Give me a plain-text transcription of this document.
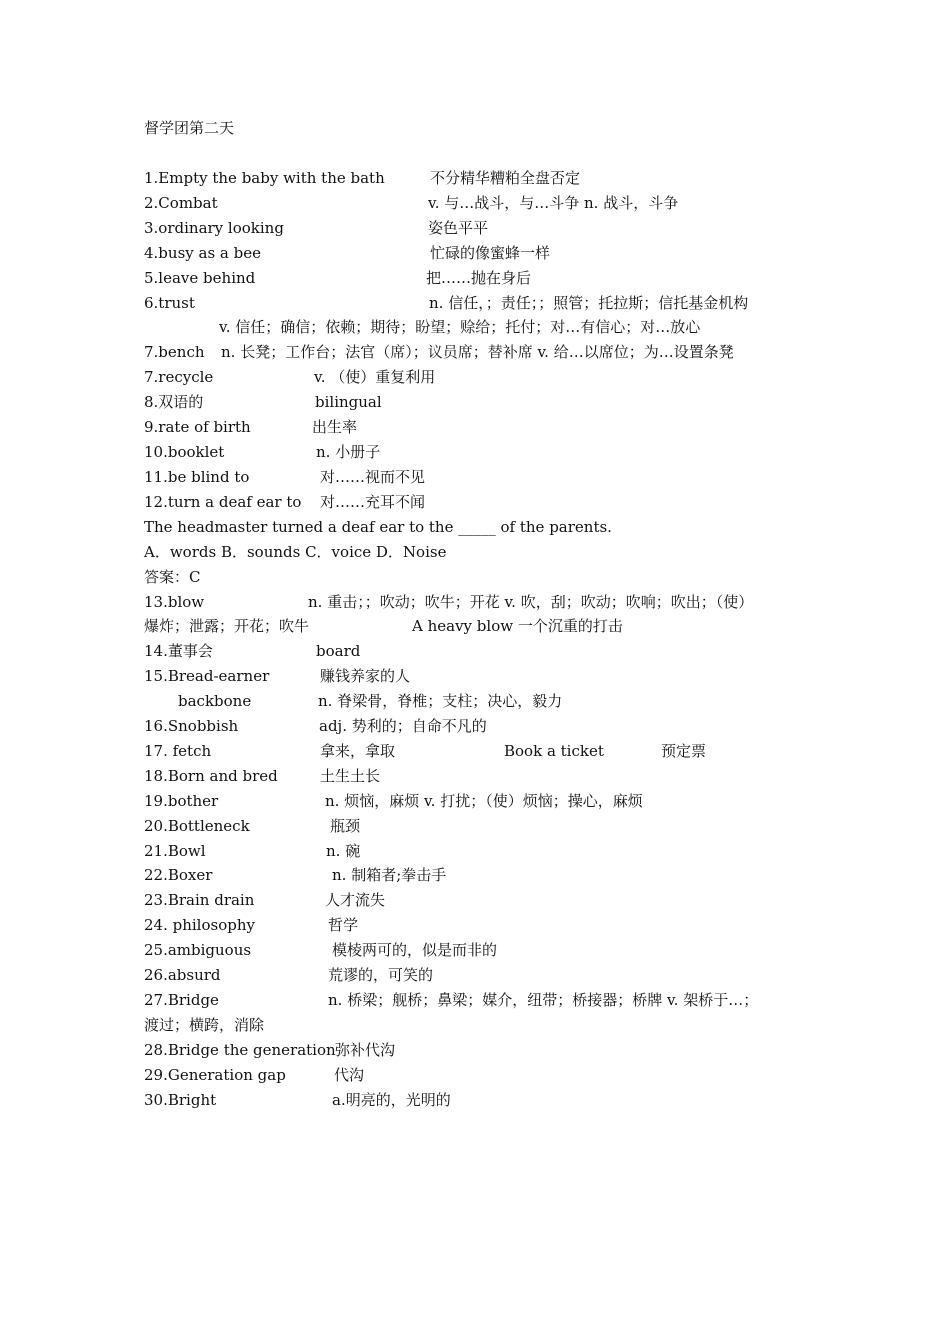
督学团第二天
1.Empty the baby with the bath	不分精华糟粕全盘否定
2.Combat	v. 与…战斗，与…斗争 n. 战斗，斗争
3.ordinary looking	姿色平平
4.busy as a bee	忙碌的像蜜蜂一样
5.leave behind	把……抛在身后
6.trust	n. 信任，；责任；；照管；托拉斯；信托基金机构
v. 信任；确信；依赖；期待；盼望；赊给；托付；对…有信心；对…放心
7.bench n. 长凳；工作台；法官（席）；议员席；替补席 v. 给…以席位；为…设置条凳
7.recycle	v. （使）重复利用
8.双语的	bilingual
9.rate of birth	出生率
10.booklet	n. 小册子
11.be blind to	对……视而不见
12.turn a deaf ear to 对……充耳不闻
The headmaster turned a deaf ear to the _____ of the parents.
A．words B．sounds C．voice D．Noise
答案：C
13.blow	n. 重击；；吹动；吹牛；开花 v. 吹，刮；吹动；吹响；吹出；（使）
爆炸；泄露；开花；吹牛	A heavy blow 一个沉重的打击
14.董事会	board
15.Bread-earner	赚钱养家的人
backbone	n. 脊梁骨，脊椎；支柱；决心，毅力
16.Snobbish	adj. 势利的；自命不凡的
17. fetch	拿来，拿取	Book a ticket	预定票
18.Born and bred	土生土长
19.bother	n. 烦恼，麻烦 v. 打扰；（使）烦恼；操心，麻烦
20.Bottleneck	瓶颈
21.Bowl	n. 碗
22.Boxer	n. 制箱者;拳击手
23.Brain drain	人才流失
24. philosophy	哲学
25.ambiguous	模棱两可的，似是而非的
26.absurd	荒谬的，可笑的
27.Bridge	n. 桥梁；舰桥；鼻梁；媒介，纽带；桥接器；桥牌 v. 架桥于…；
渡过；横跨，消除
28.Bridge the generation 弥补代沟
29.Generation gap	代沟
30.Bright	a.明亮的，光明的
